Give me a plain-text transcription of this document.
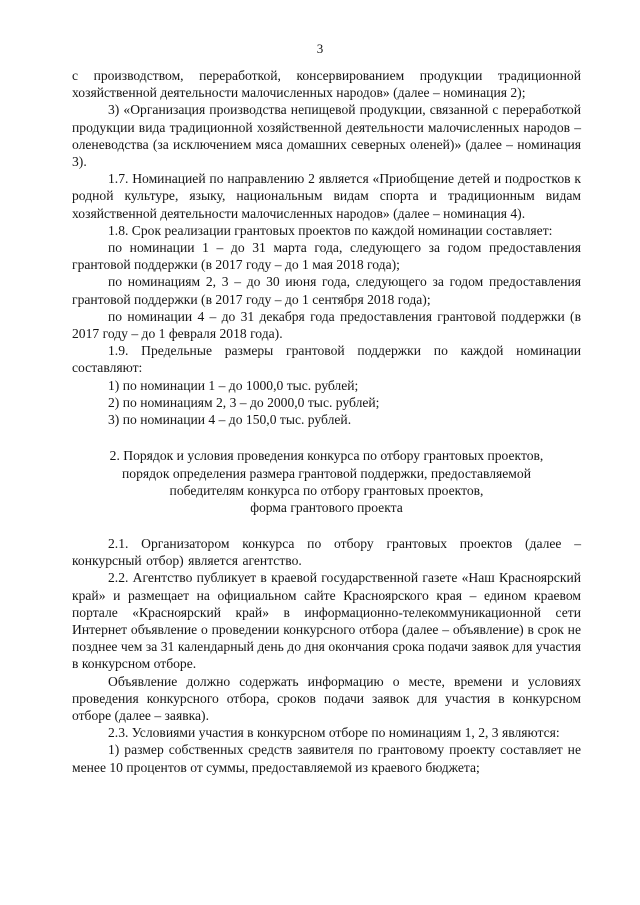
3

с производством, переработкой, консервированием продукции традиционной хозяйственной деятельности малочисленных народов» (далее – номинация 2);

3) «Организация производства непищевой продукции, связанной с переработкой продукции вида традиционной хозяйственной деятельности малочисленных народов – оленеводства (за исключением мяса домашних северных оленей)» (далее – номинация 3).

1.7. Номинацией по направлению 2 является «Приобщение детей и подростков к родной культуре, языку, национальным видам спорта и традиционным видам хозяйственной деятельности малочисленных народов» (далее – номинация 4).

1.8. Срок реализации грантовых проектов по каждой номинации составляет:

по номинации 1 – до 31 марта года, следующего за годом предоставления грантовой поддержки (в 2017 году – до 1 мая 2018 года);

по номинациям 2, 3 – до 30 июня года, следующего за годом предоставления грантовой поддержки (в 2017 году – до 1 сентября 2018 года);

по номинации 4 – до 31 декабря года предоставления грантовой поддержки (в 2017 году – до 1 февраля 2018 года).

1.9. Предельные размеры грантовой поддержки по каждой номинации составляют:

1) по номинации 1 – до 1000,0 тыс. рублей;

2) по номинациям 2, 3 – до 2000,0 тыс. рублей;

3) по номинации 4 – до 150,0 тыс. рублей.

2. Порядок и условия проведения конкурса по отбору грантовых проектов,
порядок определения размера грантовой поддержки, предоставляемой
победителям конкурса по отбору грантовых проектов,
форма грантового проекта

2.1. Организатором конкурса по отбору грантовых проектов (далее – конкурсный отбор) является агентство.

2.2. Агентство публикует в краевой государственной газете «Наш Красноярский край» и размещает на официальном сайте Красноярского края – едином краевом портале «Красноярский край» в информационно-телекоммуникационной сети Интернет объявление о проведении конкурсного отбора (далее – объявление) в срок не позднее чем за 31 календарный день до дня окончания срока подачи заявок для участия в конкурсном отборе.

Объявление должно содержать информацию о месте, времени и условиях проведения конкурсного отбора, сроков подачи заявок для участия в конкурсном отборе (далее – заявка).

2.3. Условиями участия в конкурсном отборе по номинациям 1, 2, 3 являются:

1) размер собственных средств заявителя по грантовому проекту составляет не менее 10 процентов от суммы, предоставляемой из краевого бюджета;
